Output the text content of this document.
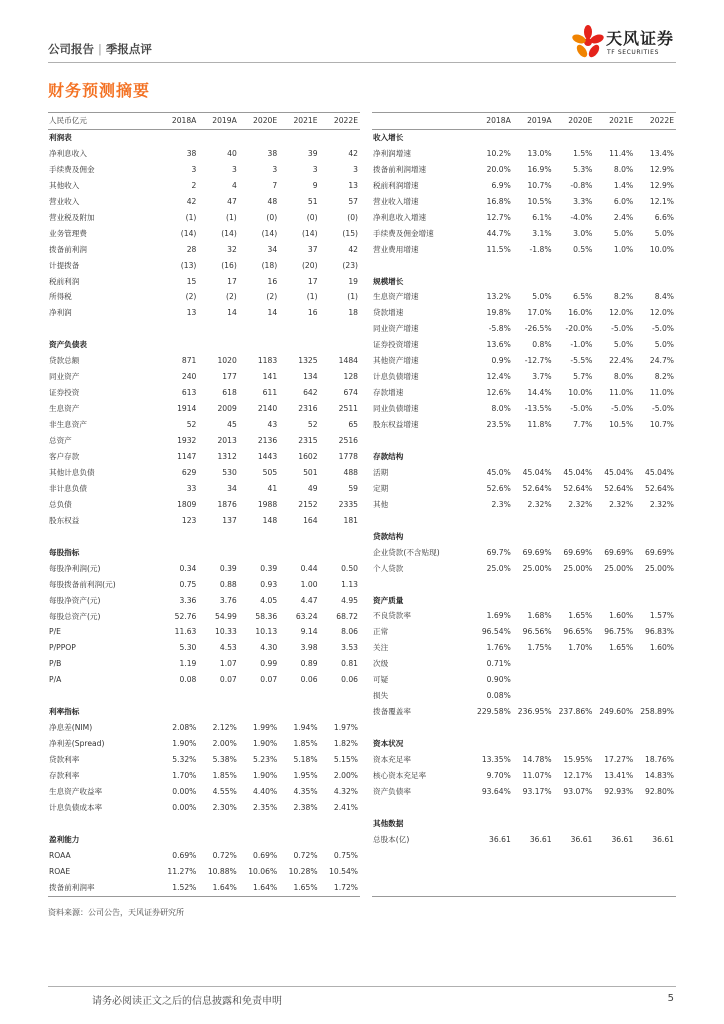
公司报告 | 季报点评
天风证券
TF SECURITIES
财务预测摘要
人民币亿元	2018A	2019A	2020E	2021E	2022E
利润表					
净利息收入	38	40	38	39	42
手续费及佣金	3	3	3	3	3
其他收入	2	4	7	9	13
营业收入	42	47	48	51	57
营业税及附加	(1)	(1)	(0)	(0)	(0)
业务管理费	(14)	(14)	(14)	(14)	(15)
拨备前利润	28	32	34	37	42
计提拨备	(13)	(16)	(18)	(20)	(23)
税前利润	15	17	16	17	19
所得税	(2)	(2)	(2)	(1)	(1)
净利润	13	14	14	16	18

资产负债表					
贷款总额	871	1020	1183	1325	1484
同业资产	240	177	141	134	128
证券投资	613	618	611	642	674
生息资产	1914	2009	2140	2316	2511
非生息资产	52	45	43	52	65
总资产	1932	2013	2136	2315	2516
客户存款	1147	1312	1443	1602	1778
其他计息负债	629	530	505	501	488
非计息负债	33	34	41	49	59
总负债	1809	1876	1988	2152	2335
股东权益	123	137	148	164	181

每股指标					
每股净利润(元)	0.34	0.39	0.39	0.44	0.50
每股拨备前利润(元)	0.75	0.88	0.93	1.00	1.13
每股净资产(元)	3.36	3.76	4.05	4.47	4.95
每股总资产(元)	52.76	54.99	58.36	63.24	68.72
P/E	11.63	10.33	10.13	9.14	8.06
P/PPOP	5.30	4.53	4.30	3.98	3.53
P/B	1.19	1.07	0.99	0.89	0.81
P/A	0.08	0.07	0.07	0.06	0.06

利率指标					
净息差(NIM)	2.08%	2.12%	1.99%	1.94%	1.97%
净利差(Spread)	1.90%	2.00%	1.90%	1.85%	1.82%
贷款利率	5.32%	5.38%	5.23%	5.18%	5.15%
存款利率	1.70%	1.85%	1.90%	1.95%	2.00%
生息资产收益率	0.00%	4.55%	4.40%	4.35%	4.32%
计息负债成本率	0.00%	2.30%	2.35%	2.38%	2.41%

盈利能力					
ROAA	0.69%	0.72%	0.69%	0.72%	0.75%
ROAE	11.27%	10.88%	10.06%	10.28%	10.54%
拨备前利润率	1.52%	1.64%	1.64%	1.65%	1.72%
	2018A	2019A	2020E	2021E	2022E
收入增长					
净利润增速	10.2%	13.0%	1.5%	11.4%	13.4%
拨备前利润增速	20.0%	16.9%	5.3%	8.0%	12.9%
税前利润增速	6.9%	10.7%	-0.8%	1.4%	12.9%
营业收入增速	16.8%	10.5%	3.3%	6.0%	12.1%
净利息收入增速	12.7%	6.1%	-4.0%	2.4%	6.6%
手续费及佣金增速	44.7%	3.1%	3.0%	5.0%	5.0%
营业费用增速	11.5%	-1.8%	0.5%	1.0%	10.0%

规模增长					
生息资产增速	13.2%	5.0%	6.5%	8.2%	8.4%
贷款增速	19.8%	17.0%	16.0%	12.0%	12.0%
同业资产增速	-5.8%	-26.5%	-20.0%	-5.0%	-5.0%
证券投资增速	13.6%	0.8%	-1.0%	5.0%	5.0%
其他资产增速	0.9%	-12.7%	-5.5%	22.4%	24.7%
计息负债增速	12.4%	3.7%	5.7%	8.0%	8.2%
存款增速	12.6%	14.4%	10.0%	11.0%	11.0%
同业负债增速	8.0%	-13.5%	-5.0%	-5.0%	-5.0%
股东权益增速	23.5%	11.8%	7.7%	10.5%	10.7%

存款结构					
活期	45.0%	45.04%	45.04%	45.04%	45.04%
定期	52.6%	52.64%	52.64%	52.64%	52.64%
其他	2.3%	2.32%	2.32%	2.32%	2.32%

贷款结构					
企业贷款(不含贴现)	69.7%	69.69%	69.69%	69.69%	69.69%
个人贷款	25.0%	25.00%	25.00%	25.00%	25.00%

资产质量					
不良贷款率	1.69%	1.68%	1.65%	1.60%	1.57%
正常	96.54%	96.56%	96.65%	96.75%	96.83%
关注	1.76%	1.75%	1.70%	1.65%	1.60%
次级	0.71%				
可疑	0.90%				
损失	0.08%				
拨备覆盖率	229.58%	236.95%	237.86%	249.60%	258.89%

资本状况					
资本充足率	13.35%	14.78%	15.95%	17.27%	18.76%
核心资本充足率	9.70%	11.07%	12.17%	13.41%	14.83%
资产负债率	93.64%	93.17%	93.07%	92.93%	92.80%

其他数据					
总股本(亿)	36.61	36.61	36.61	36.61	36.61

资料来源：公司公告，天风证券研究所
请务必阅读正文之后的信息披露和免责申明	5
